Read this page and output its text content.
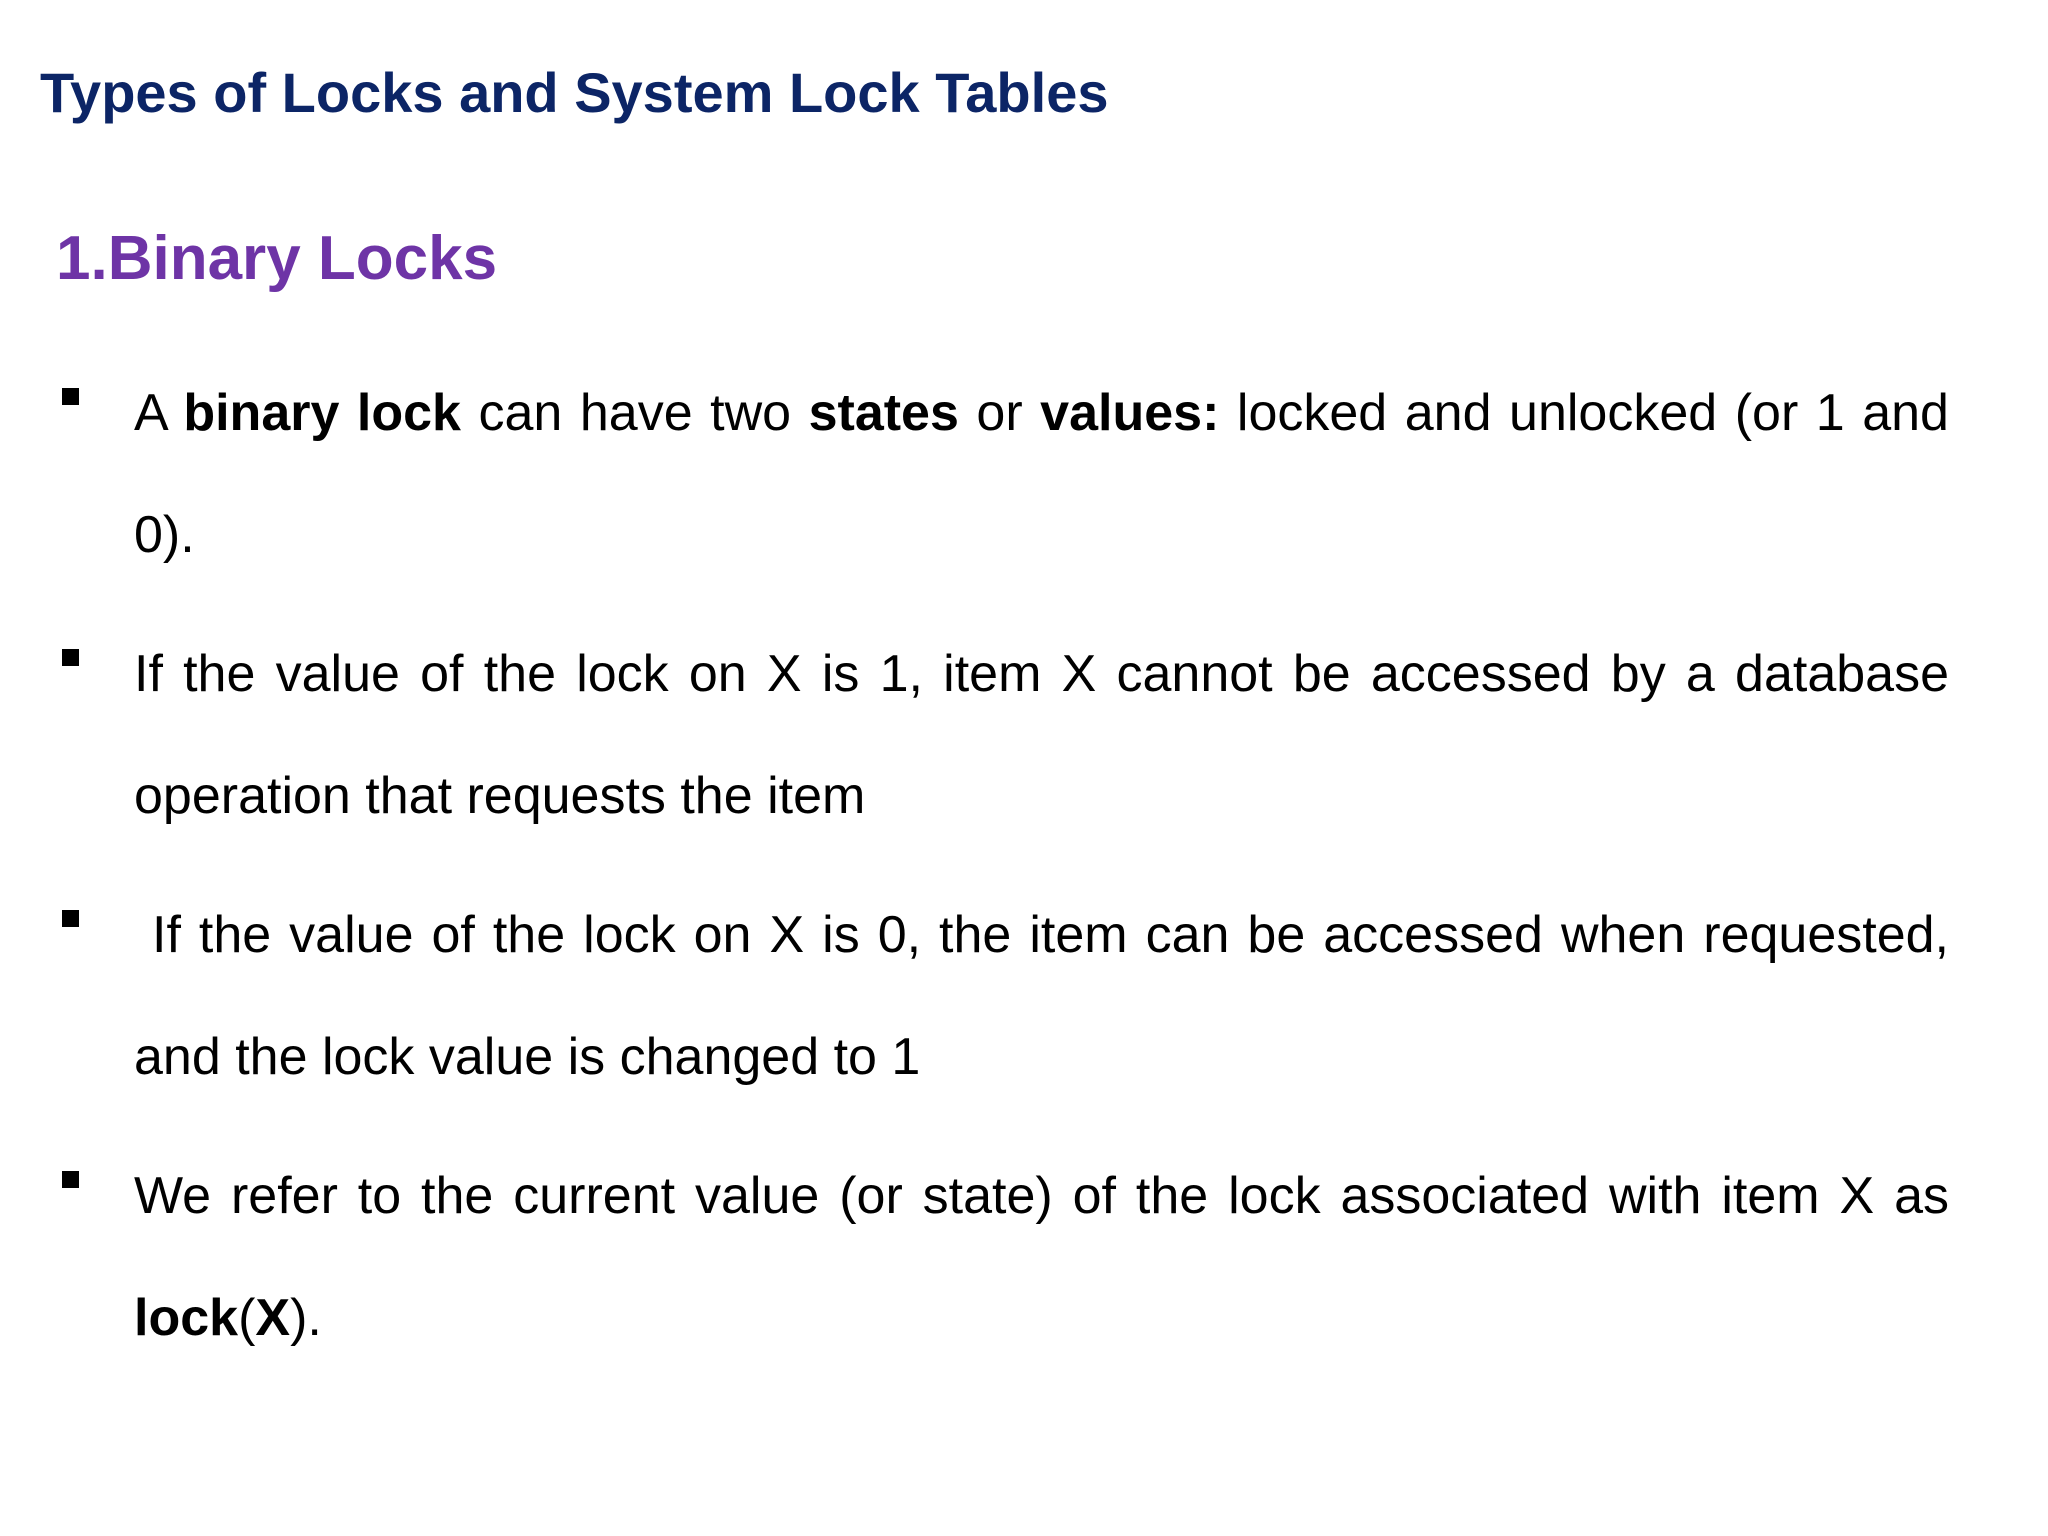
Types of Locks and System Lock Tables
1.Binary Locks
A binary lock can have two states or values: locked and unlocked (or 1 and 0).
If the value of the lock on X is 1, item X cannot be accessed by a database operation that requests the item
If the value of the lock on X is 0, the item can be accessed when requested, and the lock value is changed to 1
We refer to the current value (or state) of the lock associated with item X as lock(X).
